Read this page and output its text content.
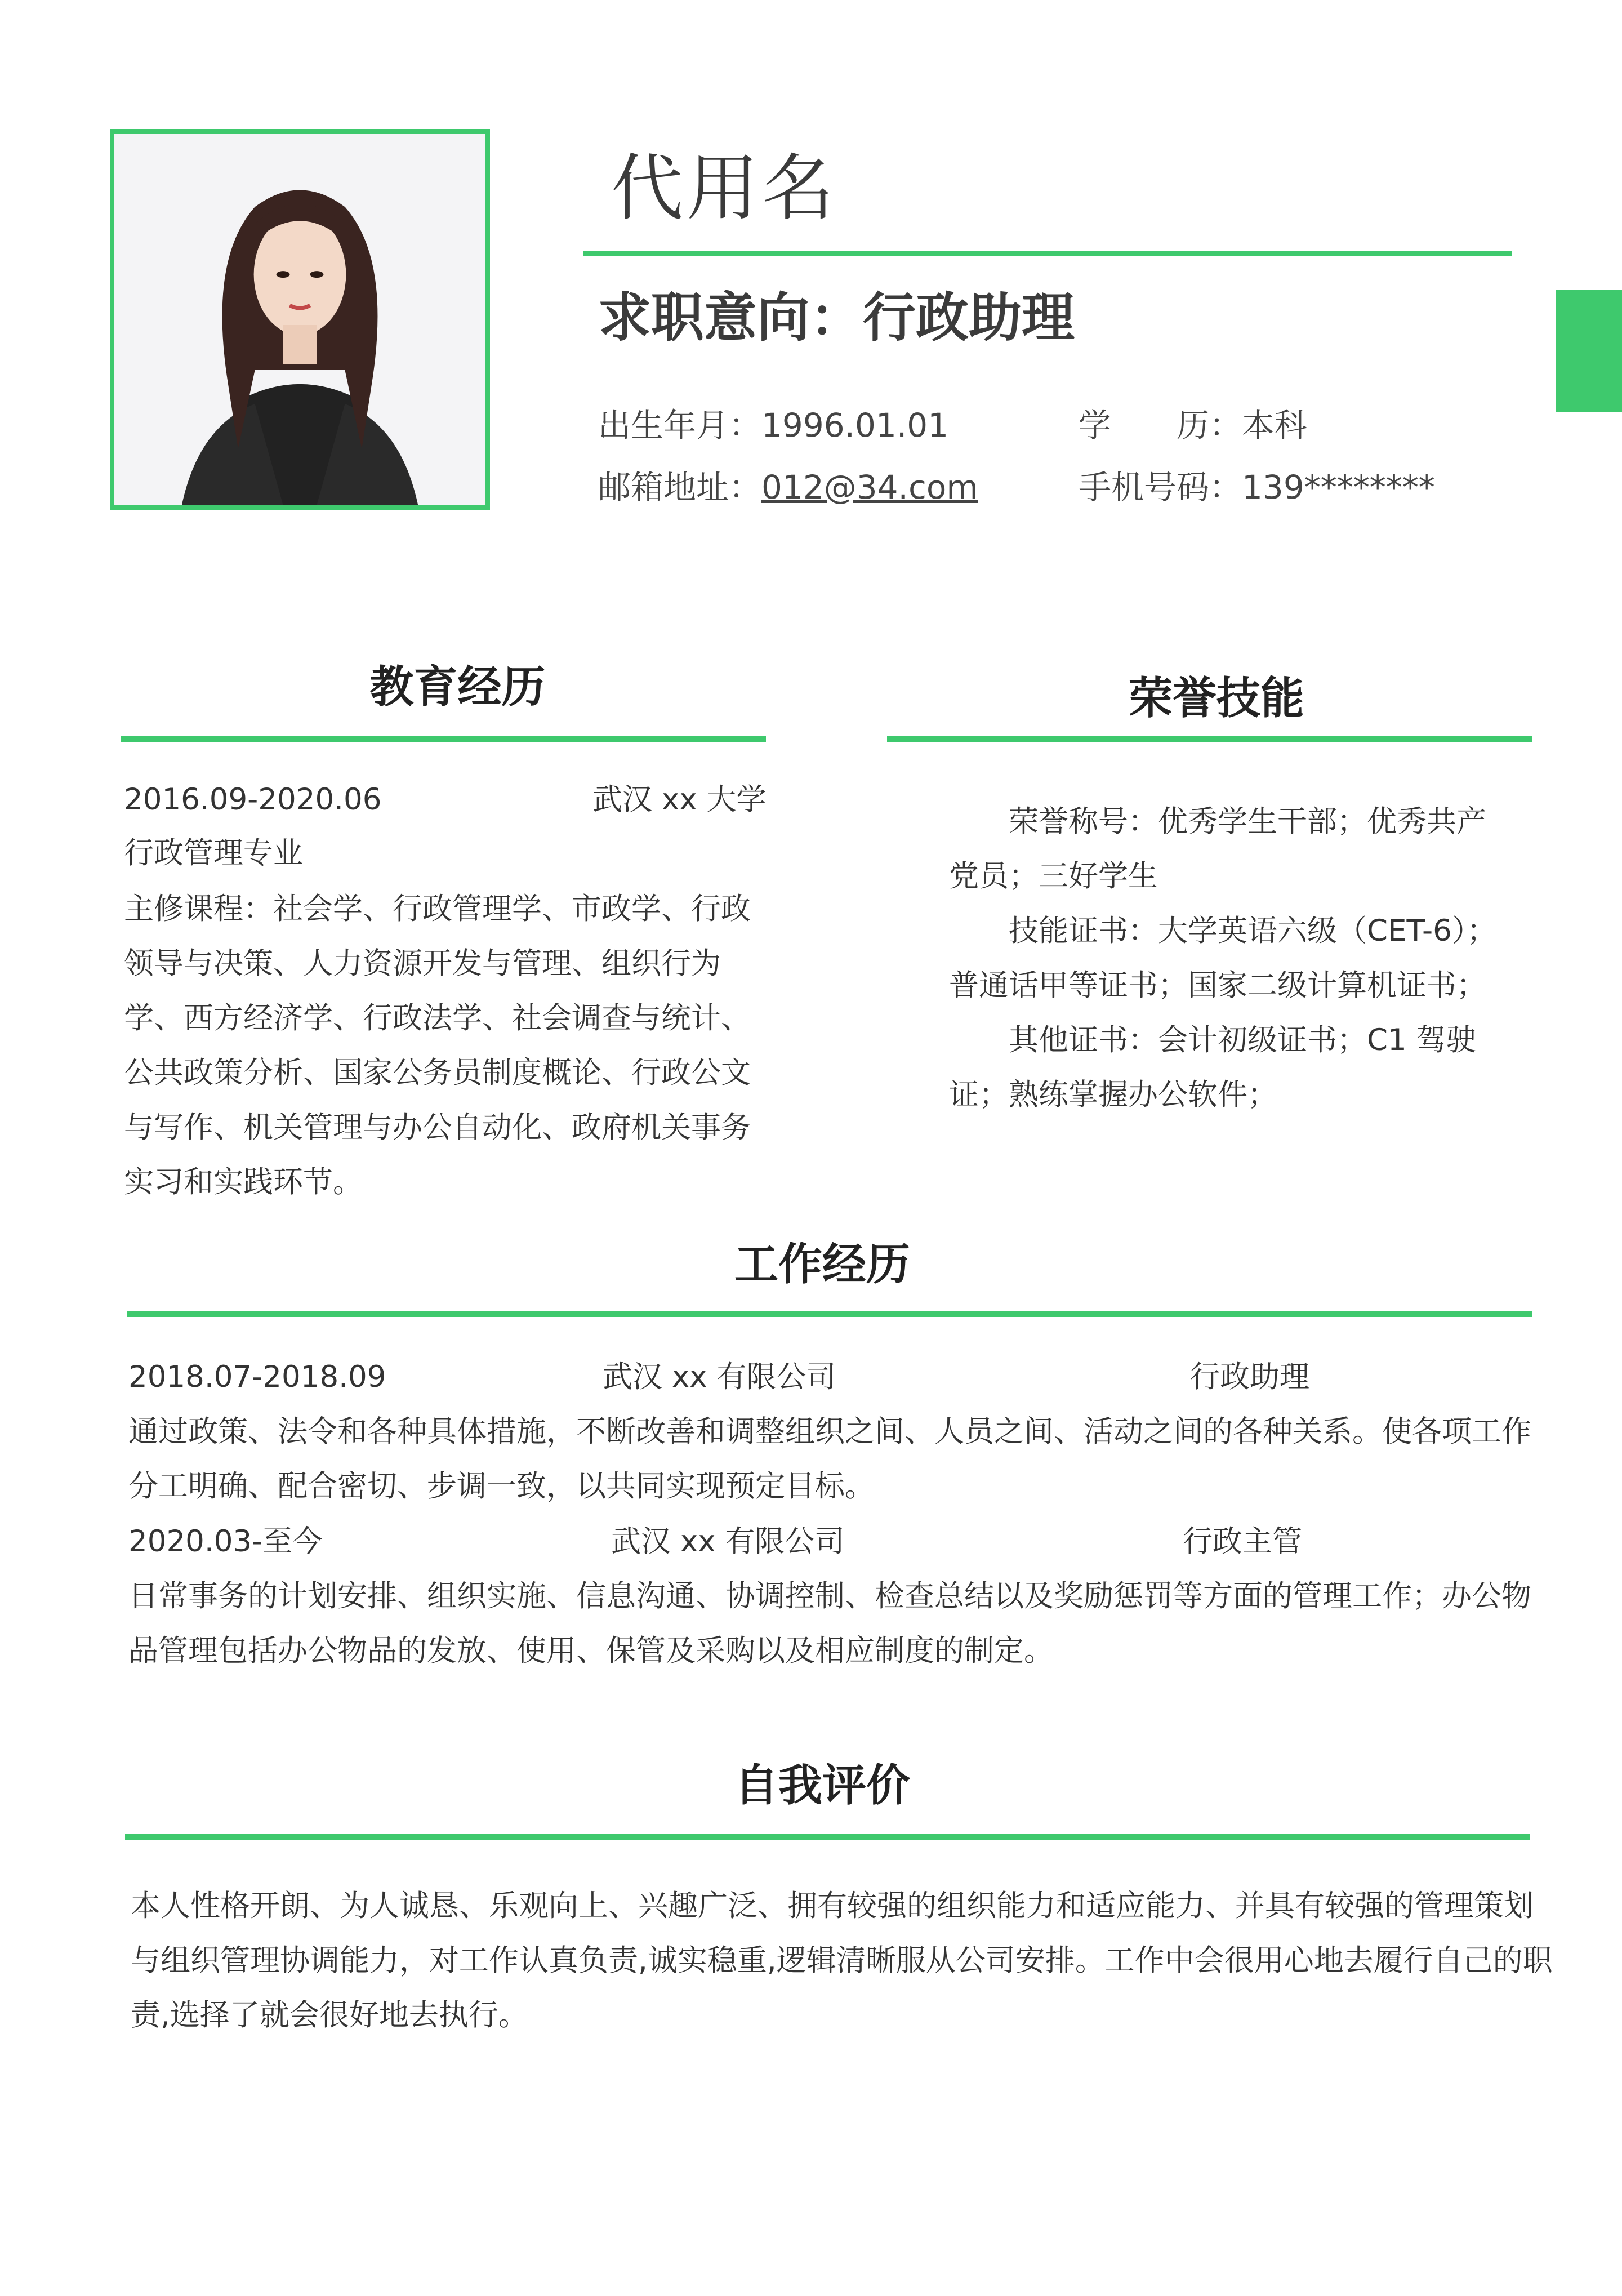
代用名
求职意向：行政助理
出生年月：1996.01.01	学　　历：本科
邮箱地址：012@34.com	手机号码：139********
教育经历
2016.09-2020.06	武汉 xx 大学
行政管理专业

主修课程：社会学、行政管理学、市政学、行政领导与决策、人力资源开发与管理、组织行为学、西方经济学、行政法学、社会调查与统计、公共政策分析、国家公务员制度概论、行政公文与写作、机关管理与办公自动化、政府机关事务实习和实践环节。

荣誉技能

荣誉称号：优秀学生干部；优秀共产党员；三好学生

技能证书：大学英语六级（CET-6）；普通话甲等证书；国家二级计算机证书；

其他证书：会计初级证书；C1 驾驶证；熟练掌握办公软件；

工作经历
2018.07-2018.09	武汉 xx 有限公司	行政助理

通过政策、法令和各种具体措施，不断改善和调整组织之间、人员之间、活动之间的各种关系。使各项工作分工明确、配合密切、步调一致，以共同实现预定目标。

2020.03-至今	武汉 xx 有限公司	行政主管

日常事务的计划安排、组织实施、信息沟通、协调控制、检查总结以及奖励惩罚等方面的管理工作；办公物品管理包括办公物品的发放、使用、保管及采购以及相应制度的制定。

自我评价

本人性格开朗、为人诚恳、乐观向上、兴趣广泛、拥有较强的组织能力和适应能力、并具有较强的管理策划与组织管理协调能力，对工作认真负责,诚实稳重,逻辑清晰服从公司安排。工作中会很用心地去履行自己的职责,选择了就会很好地去执行。
